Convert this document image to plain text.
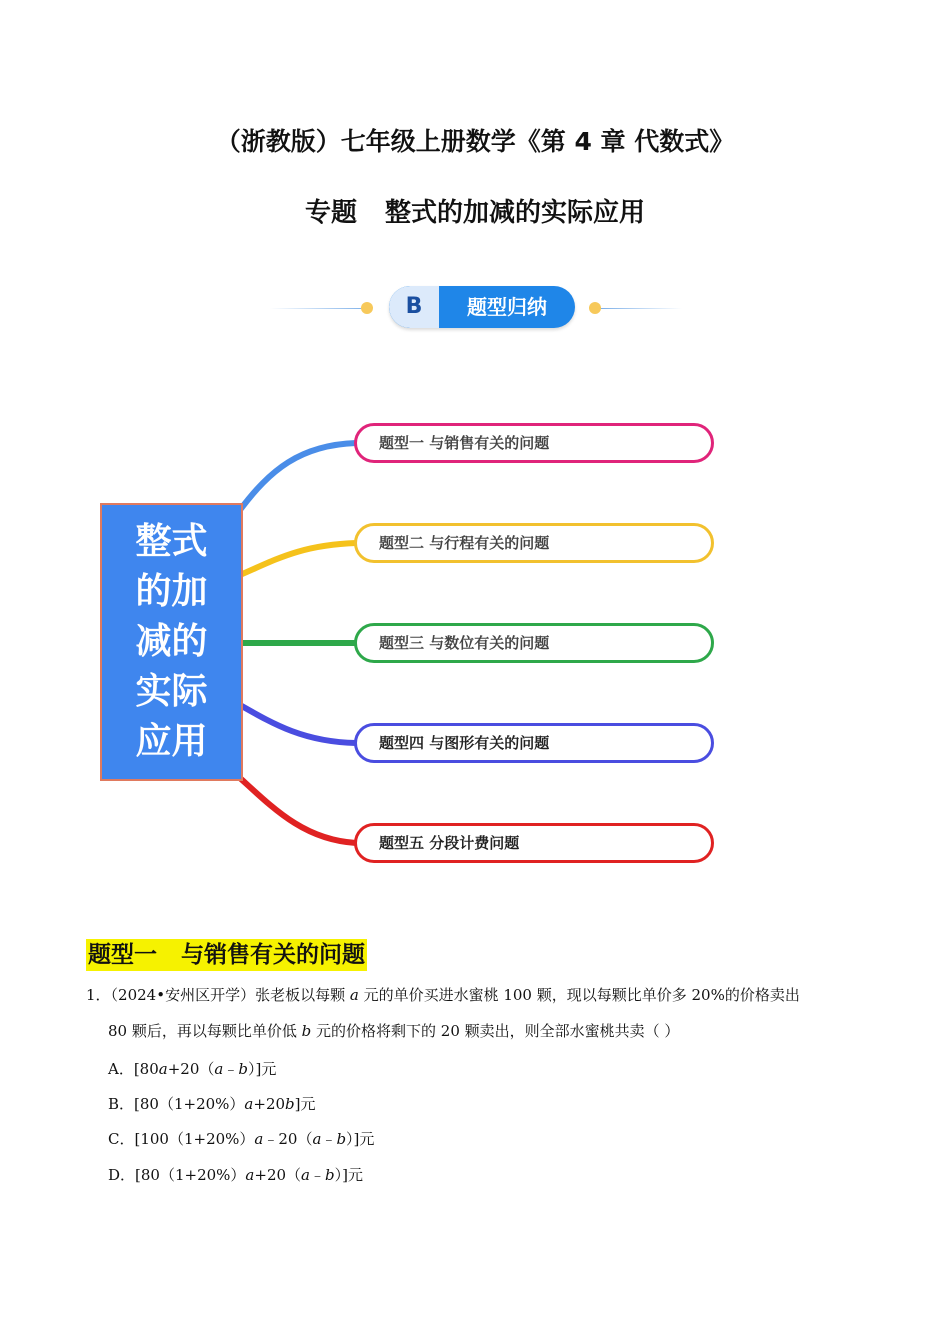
（浙教版）七年级上册数学《第 4 章 代数式》
专题 整式的加减的实际应用
B	题型归纳
整式的加减的实际应用
题型一 与销售有关的问题
题型二 与行程有关的问题
题型三 与数位有关的问题
题型四 与图形有关的问题
题型五 分段计费问题
题型一 与销售有关的问题
1．（2024•安州区开学）张老板以每颗 a 元的单价买进水蜜桃 100 颗，现以每颗比单价多 20%的价格卖出
80 颗后，再以每颗比单价低 b 元的价格将剩下的 20 颗卖出，则全部水蜜桃共卖（ ）
A．[80a+20（a﹣b）]元
B．[80（1+20%）a+20b]元
C．[100（1+20%）a﹣20（a﹣b）]元
D．[80（1+20%）a+20（a﹣b）]元
